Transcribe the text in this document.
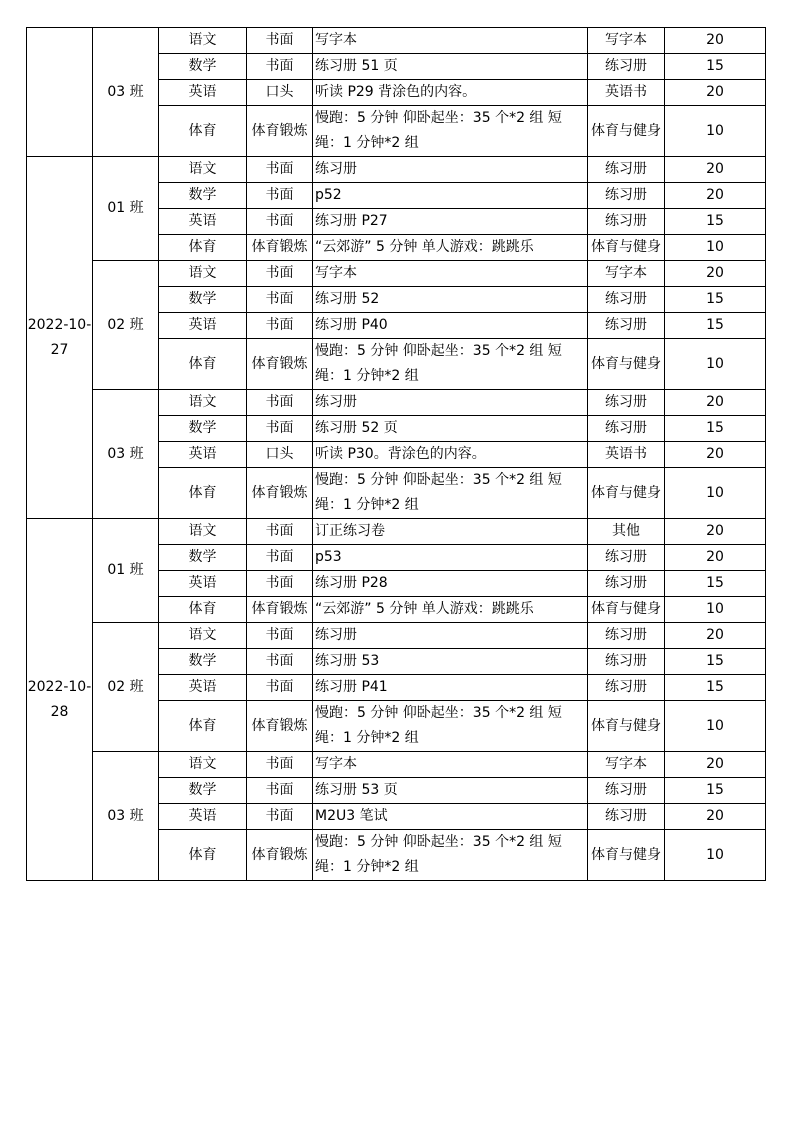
	03 班	语文	书面	写字本	写字本	20
		数学	书面	练习册 51 页	练习册	15
		英语	口头	听读 P29 背涂色的内容。	英语书	20
		体育	体育锻炼	慢跑：5 分钟 仰卧起坐：35 个*2 组 短绳：1 分钟*2 组	体育与健身	10
2022-10-27	01 班	语文	书面	练习册	练习册	20
		数学	书面	p52	练习册	20
		英语	书面	练习册 P27	练习册	15
		体育	体育锻炼	“云郊游” 5 分钟 单人游戏：跳跳乐	体育与健身	10
	02 班	语文	书面	写字本	写字本	20
		数学	书面	练习册 52	练习册	15
		英语	书面	练习册 P40	练习册	15
		体育	体育锻炼	慢跑：5 分钟 仰卧起坐：35 个*2 组 短绳：1 分钟*2 组	体育与健身	10
	03 班	语文	书面	练习册	练习册	20
		数学	书面	练习册 52 页	练习册	15
		英语	口头	听读 P30。背涂色的内容。	英语书	20
		体育	体育锻炼	慢跑：5 分钟 仰卧起坐：35 个*2 组 短绳：1 分钟*2 组	体育与健身	10
2022-10-28	01 班	语文	书面	订正练习卷	其他	20
		数学	书面	p53	练习册	20
		英语	书面	练习册 P28	练习册	15
		体育	体育锻炼	“云郊游” 5 分钟 单人游戏：跳跳乐	体育与健身	10
	02 班	语文	书面	练习册	练习册	20
		数学	书面	练习册 53	练习册	15
		英语	书面	练习册 P41	练习册	15
		体育	体育锻炼	慢跑：5 分钟 仰卧起坐：35 个*2 组 短绳：1 分钟*2 组	体育与健身	10
	03 班	语文	书面	写字本	写字本	20
		数学	书面	练习册 53 页	练习册	15
		英语	书面	M2U3 笔试	练习册	20
		体育	体育锻炼	慢跑：5 分钟 仰卧起坐：35 个*2 组 短绳：1 分钟*2 组	体育与健身	10
